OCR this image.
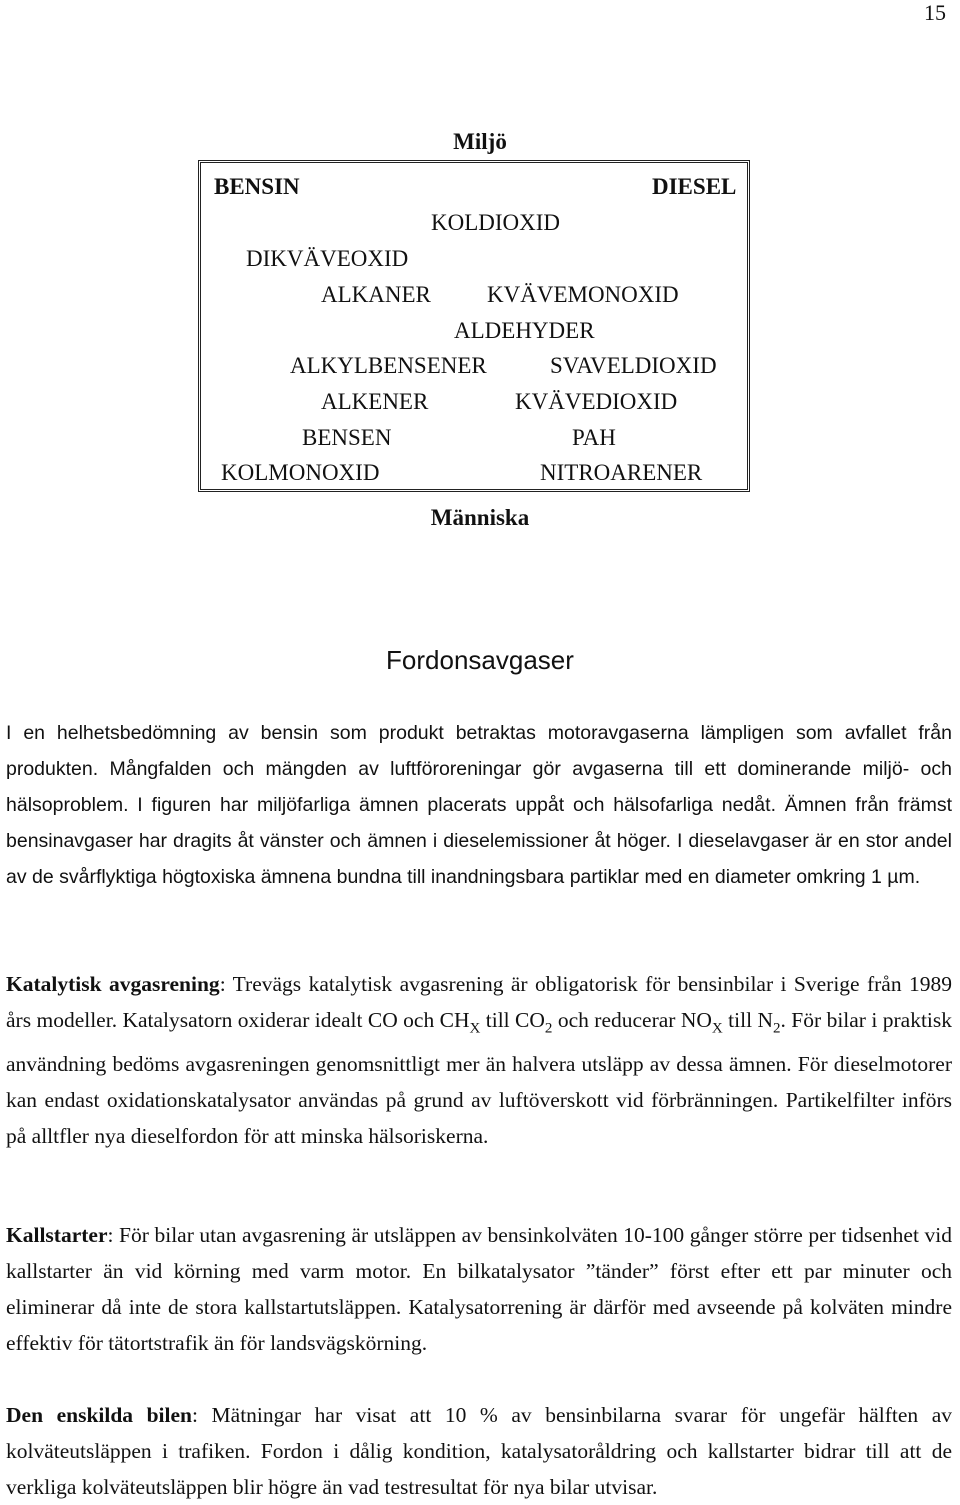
15
Miljö
BENSIN	DIESEL
KOLDIOXID
DIKVÄVEOXID
ALKANER KVÄVEMONOXID
ALDEHYDER
ALKYLBENSENER	SVAVELDIOXID
ALKENER	KVÄVEDIOXID
BENSEN	PAH
KOLMONOXID	NITROARENER
Människa
Fordonsavgaser

I en helhetsbedömning av bensin som produkt betraktas motoravgaserna lämpligen som avfallet från produkten. Mångfalden och mängden av luftföroreningar gör avgaserna till ett dominerande miljö- och hälsoproblem. I figuren har miljöfarliga ämnen placerats uppåt och hälsofarliga nedåt. Ämnen från främst bensinavgaser har dragits åt vänster och ämnen i dieselemissioner åt höger. I dieselavgaser är en stor andel av de svårflyktiga högtoxiska ämnena bundna till inandningsbara partiklar med en diameter omkring 1 µm.

Katalytisk avgasrening: Trevägs katalytisk avgasrening är obligatorisk för bensinbilar i Sverige från 1989 års modeller. Katalysatorn oxiderar idealt CO och $CH_X$ till $CO_2$ och reducerar $NO_X$ till $N_2$. För bilar i praktisk användning bedöms avgasreningen genomsnittligt mer än halvera utsläpp av dessa ämnen. För dieselmotorer kan endast oxidationskatalysator användas på grund av luftöverskott vid förbränningen. Partikelfilter införs på alltfler nya dieselfordon för att minska hälsoriskerna.

Kallstarter: För bilar utan avgasrening är utsläppen av bensinkolväten 10-100 gånger större per tidsenhet vid kallstarter än vid körning med varm motor. En bilkatalysator ”tänder” först efter ett par minuter och eliminerar då inte de stora kallstartutsläppen. Katalysatorrening är därför med avseende på kolväten mindre effektiv för tätortstrafik än för landsvägskörning.

Den enskilda bilen: Mätningar har visat att 10 % av bensinbilarna svarar för ungefär hälften av kolväteutsläppen i trafiken. Fordon i dålig kondition, katalysatoråldring och kallstarter bidrar till att de verkliga kolväteutsläppen blir högre än vad testresultat för nya bilar utvisar.
